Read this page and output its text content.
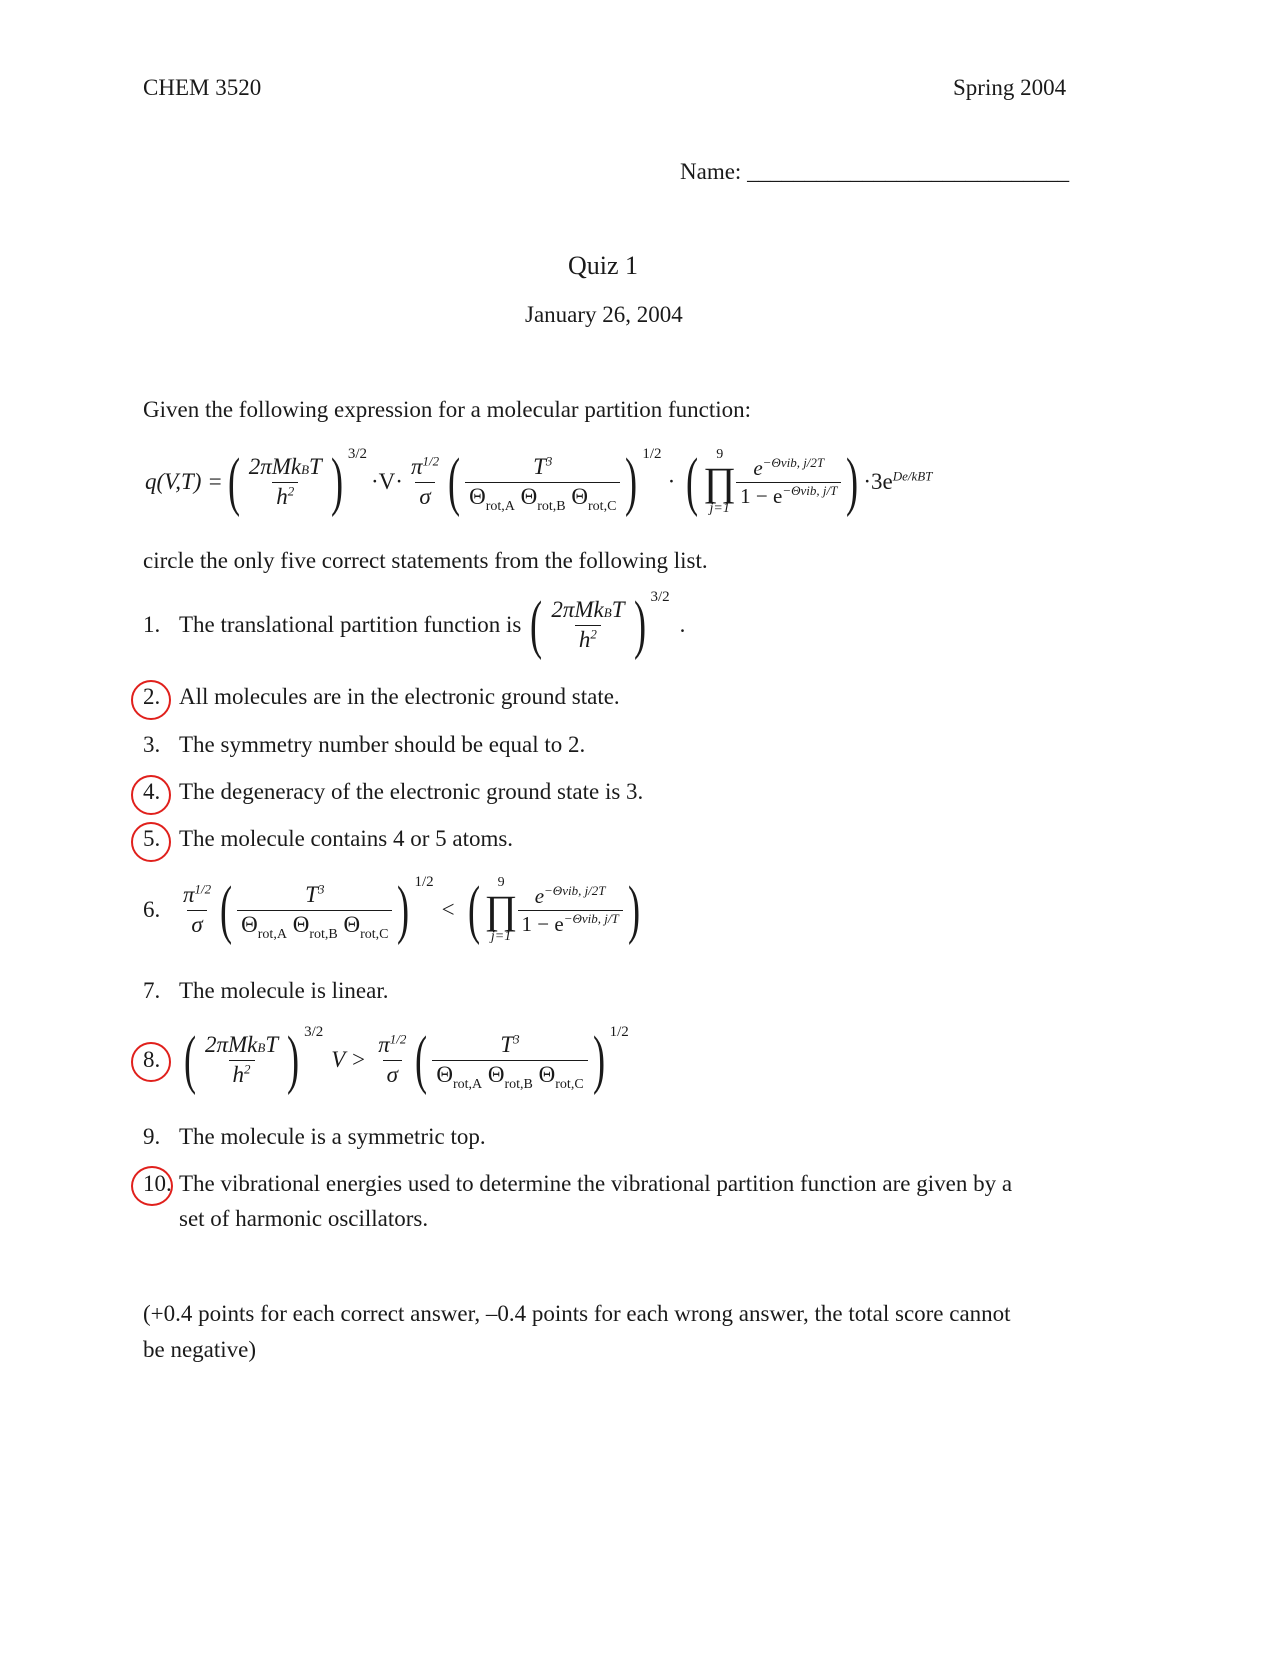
CHEM 3520	Spring 2004
Name: ____________________________
Quiz 1
January 26, 2004
Given the following expression for a molecular partition function:
q(V,T) = ( $\frac{\text{2πMkBT}}{h^2}$ ) 3/2
$\cdot V\cdot \frac{\pi^{1/2}}{\sigma}$ ( $\frac{T^3}{\Theta_{rot,A} \Theta_{rot,B} \Theta_{rot,C}}$ ) 1/2
· ( 9
∏
$j=1 \frac{e^{-\Theta vib, j/2T}}{1 - e^{-\Theta vib, j/T}}$ ) $\cdot 3e^{De/kBT}$
circle the only five correct statements from the following list.
1. The translational partition function is ( $\frac{\text{2πMkBT}}{h^2}$ ) 3/2
.
2. All molecules are in the electronic ground state.
3. The symmetry number should be equal to 2.
4. The degeneracy of the electronic ground state is 3.
5. The molecule contains 4 or 5 atoms.
6. $\frac{\pi^{1/2}}{\sigma}$ ( $\frac{T^3}{\Theta_{rot,A} \Theta_{rot,B} \Theta_{rot,C}}$ ) 1/2
< ( 9
∏
$j=1 \frac{e^{-\Theta vib, j/2T}}{1 - e^{-\Theta vib, j/T}}$ )
7. The molecule is linear.
8. ( $\frac{\text{2πMkBT}}{h^2}$ ) 3/2
$V > \frac{\pi^{1/2}}{\sigma}$ ( $\frac{T^3}{\Theta_{rot,A} \Theta_{rot,B} \Theta_{rot,C}}$ ) 1/2
9. The molecule is a symmetric top.
10. The vibrational energies used to determine the vibrational partition function are given by a
set of harmonic oscillators.
(+0.4 points for each correct answer, –0.4 points for each wrong answer, the total score cannot
be negative)
